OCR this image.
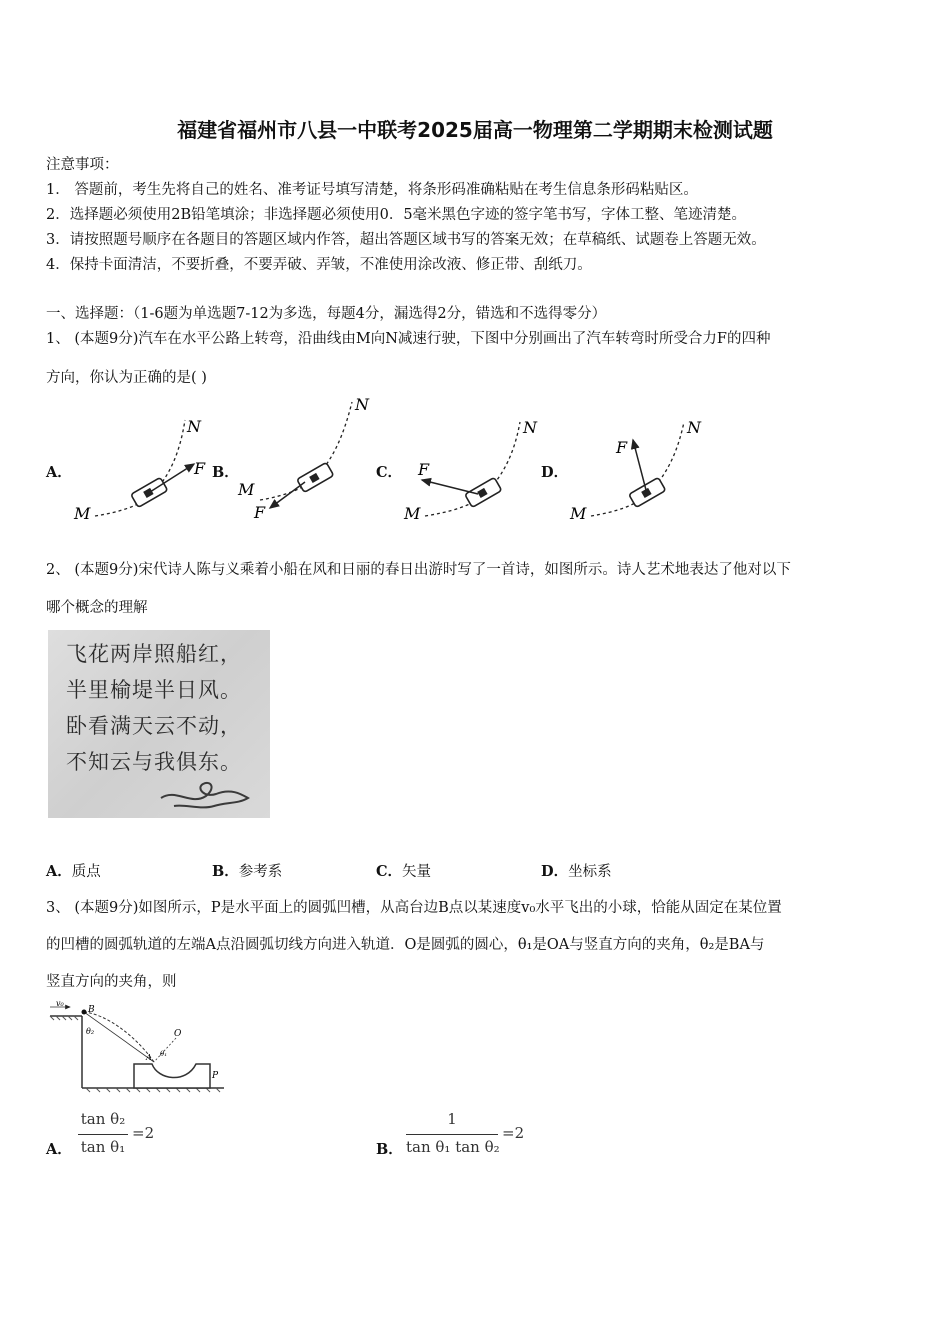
福建省福州市八县一中联考2025届高一物理第二学期期末检测试题
注意事项：
1． 答题前，考生先将自己的姓名、准考证号填写清楚，将条形码准确粘贴在考生信息条形码粘贴区。
2．选择题必须使用2B铅笔填涂；非选择题必须使用0．5毫米黑色字迹的签字笔书写，字体工整、笔迹清楚。
3．请按照题号顺序在各题目的答题区域内作答，超出答题区域书写的答案无效；在草稿纸、试题卷上答题无效。
4．保持卡面清洁，不要折叠，不要弄破、弄皱，不准使用涂改液、修正带、刮纸刀。
一、选择题：（1-6题为单选题7-12为多选，每题4分，漏选得2分，错选和不选得零分）
1、 (本题9分)汽车在水平公路上转弯，沿曲线由M向N减速行驶，下图中分别画出了汽车转弯时所受合力F的四种
方向，你认为正确的是( )
A．	B．	C．	D．
M
N
F
M
N
F	M
N
F
M
N
F
2、 (本题9分)宋代诗人陈与义乘着小船在风和日丽的春日出游时写了一首诗，如图所示。诗人艺术地表达了他对以下
哪个概念的理解
飞花两岸照船红，
半里榆堤半日风。
卧看满天云不动，
不知云与我俱东。
A．质点	B．参考系	C．矢量	D．坐标系
3、 (本题9分)如图所示，P是水平面上的圆弧凹槽，从高台边B点以某速度v₀水平飞出的小球，恰能从固定在某位置
的凹槽的圆弧轨道的左端A点沿圆弧切线方向进入轨道．O是圆弧的圆心，θ₁是OA与竖直方向的夹角，θ₂是BA与
竖直方向的夹角，则
v₀
B
θ₂	O
A θ₁
P
A．
tan θ₂
tan θ₁
=2
B．
1
tan θ₁ tan θ₂
=2
